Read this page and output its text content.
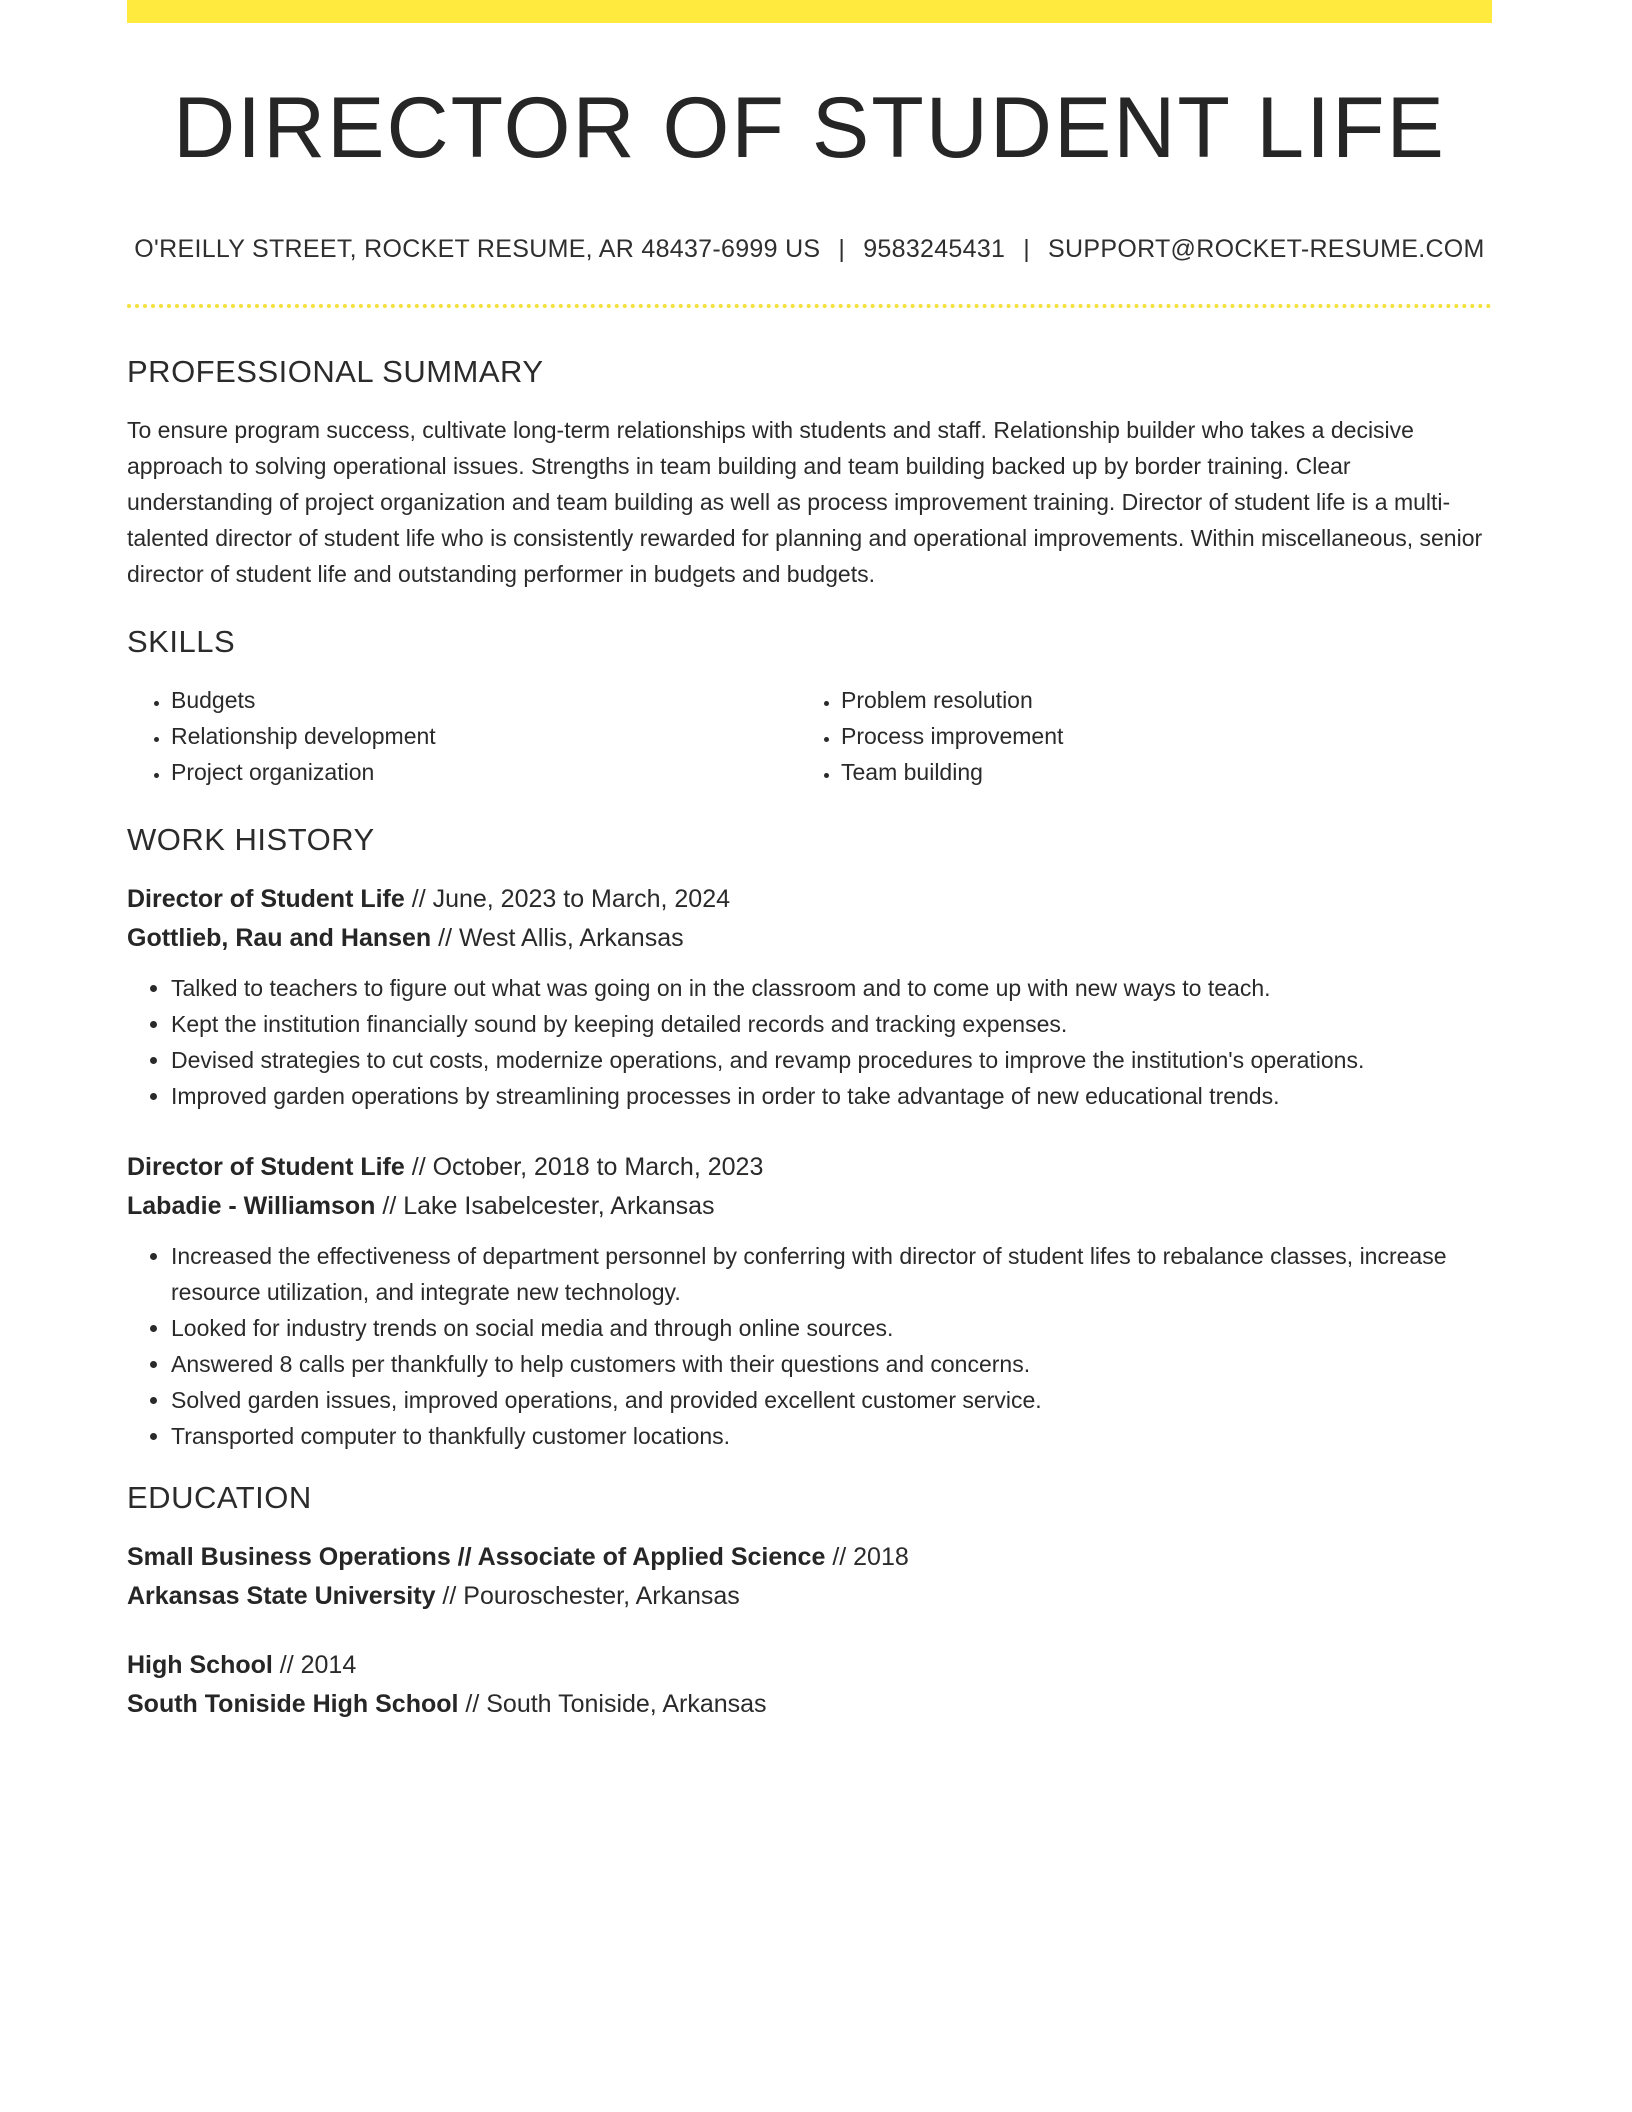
DIRECTOR OF STUDENT LIFE
O'REILLY STREET, ROCKET RESUME, AR 48437-6999 US | 9583245431 | SUPPORT@ROCKET-RESUME.COM
PROFESSIONAL SUMMARY

To ensure program success, cultivate long-term relationships with students and staff. Relationship builder who takes a decisive approach to solving operational issues. Strengths in team building and team building backed up by border training. Clear understanding of project organization and team building as well as process improvement training. Director of student life is a multi-talented director of student life who is consistently rewarded for planning and operational improvements. Within miscellaneous, senior director of student life and outstanding performer in budgets and budgets.

SKILLS
• Budgets
• Relationship development
• Project organization
• Problem resolution
• Process improvement
• Team building
WORK HISTORY
Director of Student Life // June, 2023 to March, 2024
Gottlieb, Rau and Hansen // West Allis, Arkansas
• Talked to teachers to figure out what was going on in the classroom and to come up with new ways to teach.
• Kept the institution financially sound by keeping detailed records and tracking expenses.
• Devised strategies to cut costs, modernize operations, and revamp procedures to improve the institution's operations.
• Improved garden operations by streamlining processes in order to take advantage of new educational trends.
Director of Student Life // October, 2018 to March, 2023
Labadie - Williamson // Lake Isabelcester, Arkansas
• Increased the effectiveness of department personnel by conferring with director of student lifes to rebalance classes, increase resource utilization, and integrate new technology.
• Looked for industry trends on social media and through online sources.
• Answered 8 calls per thankfully to help customers with their questions and concerns.
• Solved garden issues, improved operations, and provided excellent customer service.
• Transported computer to thankfully customer locations.
EDUCATION
Small Business Operations // Associate of Applied Science // 2018
Arkansas State University // Pouroschester, Arkansas
High School // 2014
South Toniside High School // South Toniside, Arkansas
